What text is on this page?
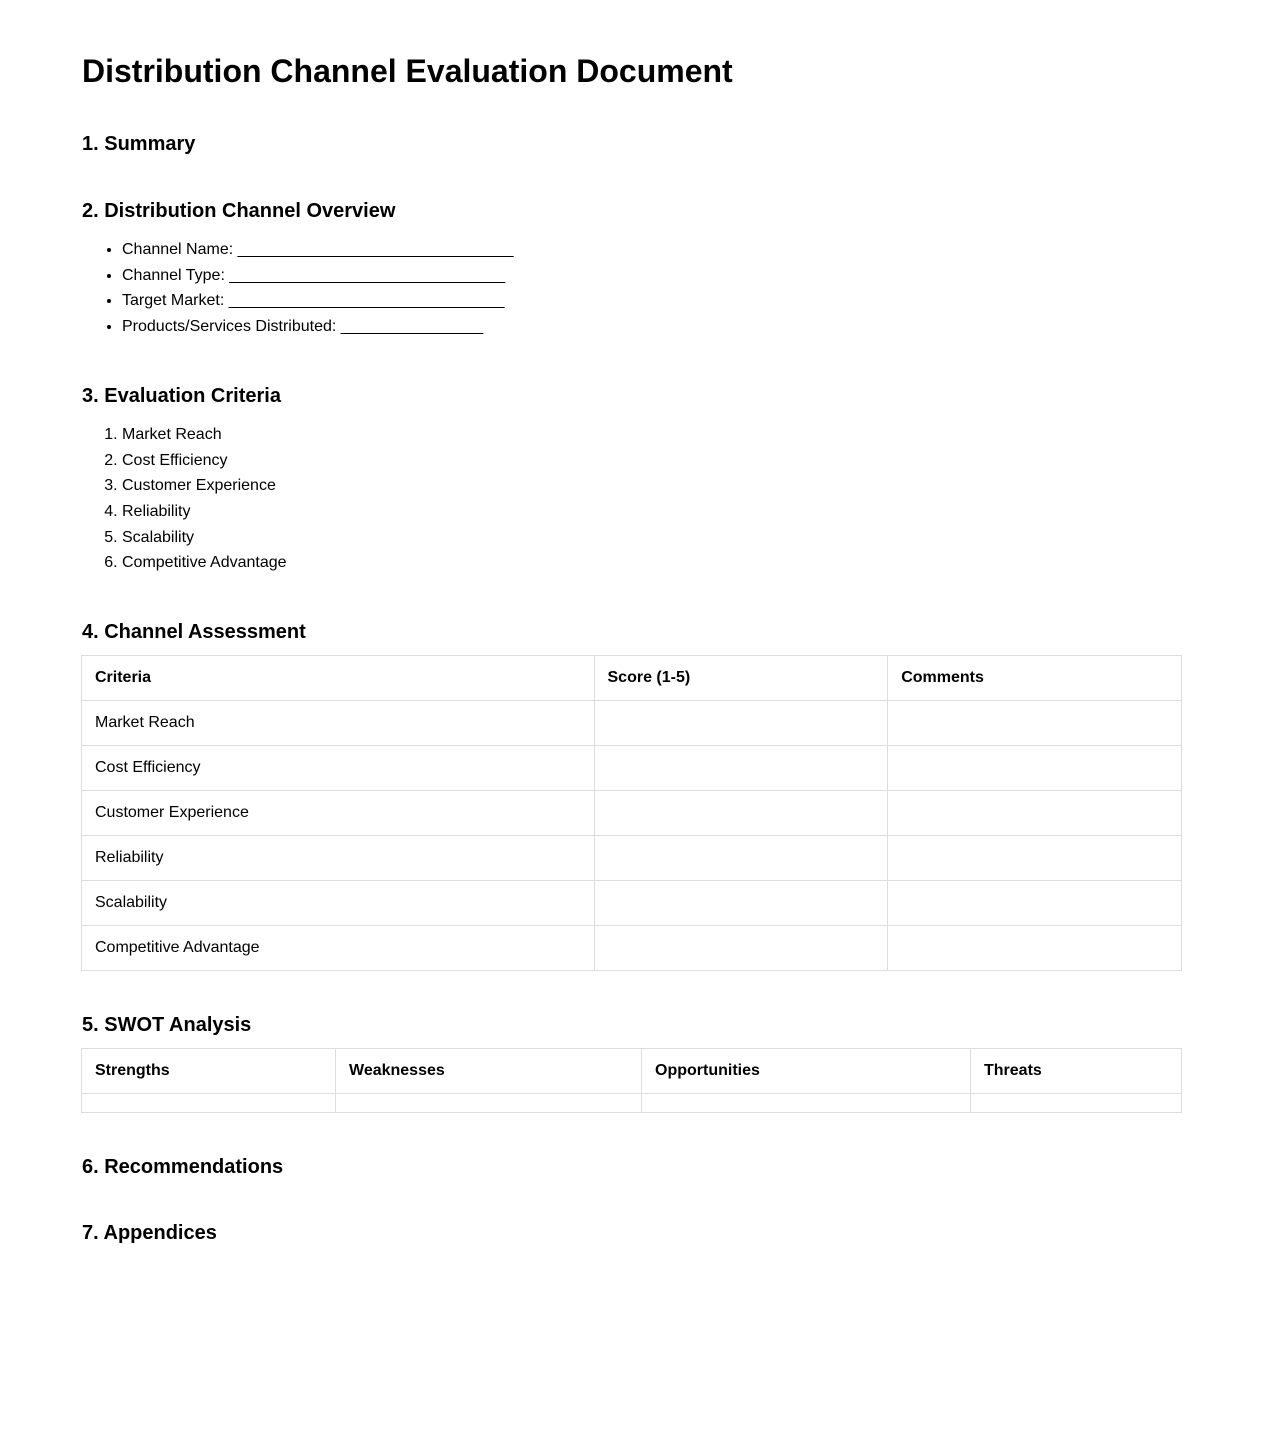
Distribution Channel Evaluation Document
1. Summary
2. Distribution Channel Overview
• Channel Name: _______________________________
• Channel Type: _______________________________
• Target Market: _______________________________
• Products/Services Distributed: ________________
3. Evaluation Criteria
1. Market Reach
2. Cost Efficiency
3. Customer Experience
4. Reliability
5. Scalability
6. Competitive Advantage
4. Channel Assessment
Criteria	Score (1-5)	Comments
Market Reach		
Cost Efficiency		
Customer Experience		
Reliability		
Scalability		
Competitive Advantage		
5. SWOT Analysis
Strengths	Weaknesses	Opportunities	Threats

6. Recommendations
7. Appendices
